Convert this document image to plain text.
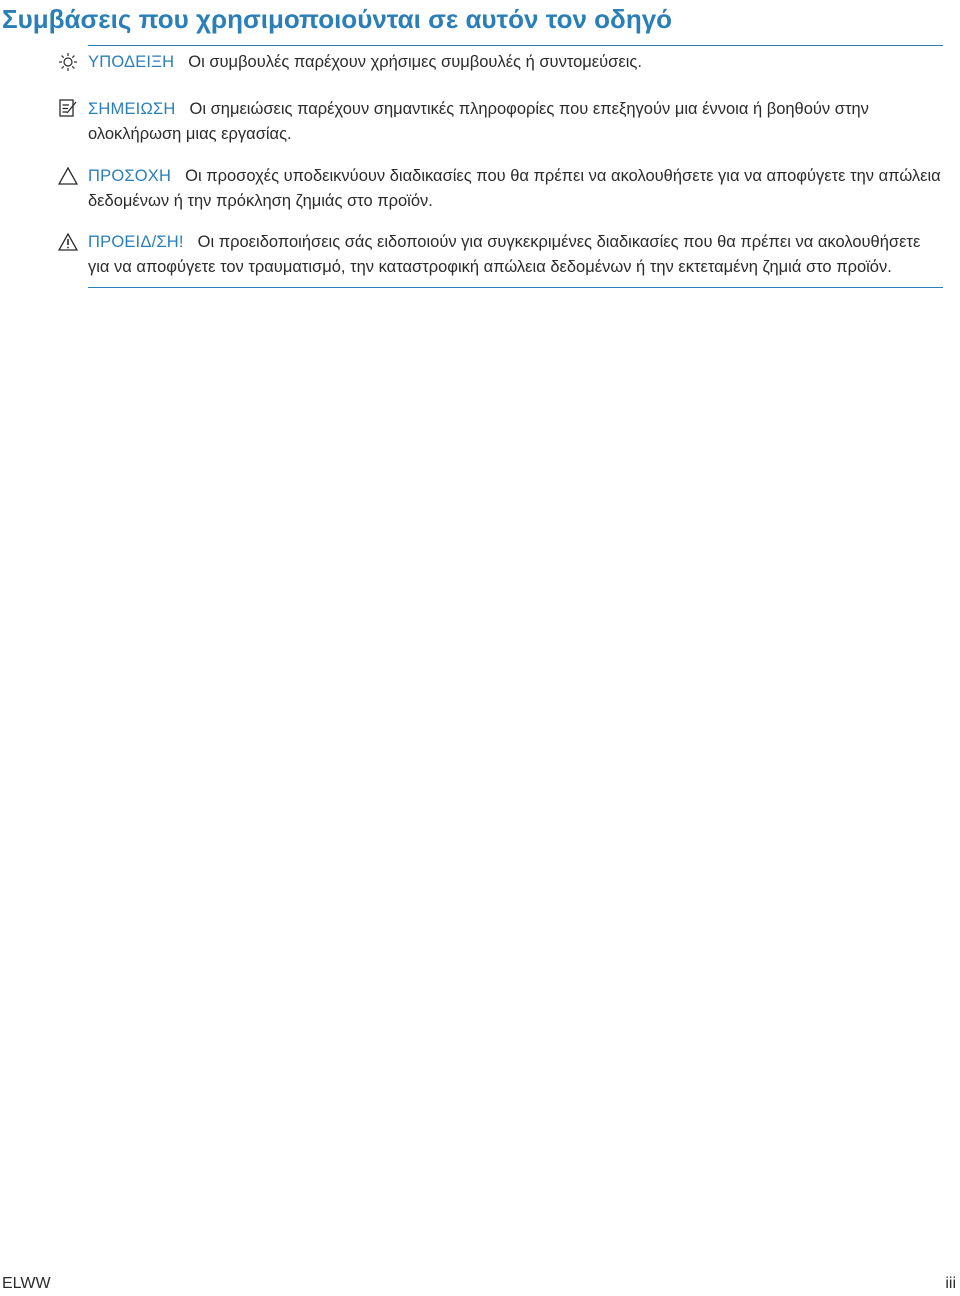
Συμβάσεις που χρησιμοποιούνται σε αυτόν τον οδηγό
ΥΠΟΔΕΙΞΗ Οι συμβουλές παρέχουν χρήσιμες συμβουλές ή συντομεύσεις.
ΣΗΜΕΙΩΣΗ Οι σημειώσεις παρέχουν σημαντικές πληροφορίες που επεξηγούν μια έννοια ή βοηθούν στην ολοκλήρωση μιας εργασίας.
ΠΡΟΣΟΧΗ Οι προσοχές υποδεικνύουν διαδικασίες που θα πρέπει να ακολουθήσετε για να αποφύγετε την απώλεια δεδομένων ή την πρόκληση ζημιάς στο προϊόν.
ΠΡΟΕΙΔ/ΣΗ! Οι προειδοποιήσεις σάς ειδοποιούν για συγκεκριμένες διαδικασίες που θα πρέπει να ακολουθήσετε για να αποφύγετε τον τραυματισμό, την καταστροφική απώλεια δεδομένων ή την εκτεταμένη ζημιά στο προϊόν.
ELWW	iii
